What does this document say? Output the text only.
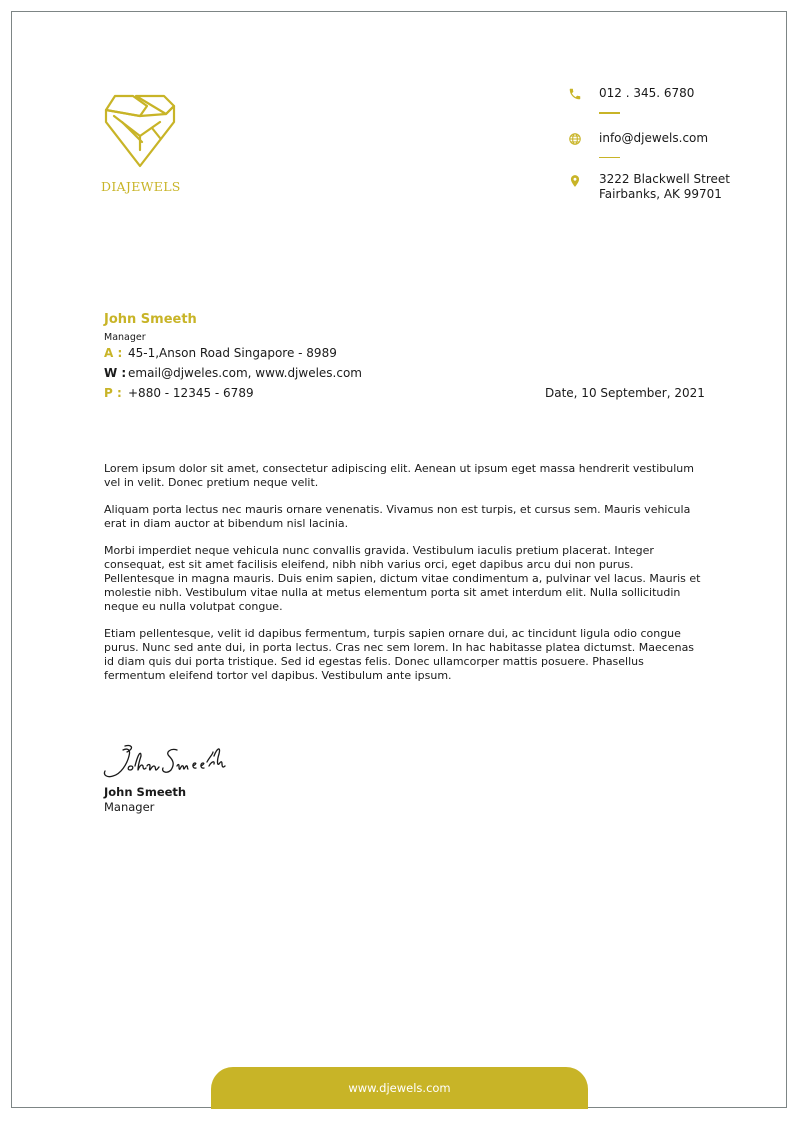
DIAJEWELS
012 . 345. 6780
info@djewels.com
3222 Blackwell Street
Fairbanks, AK 99701
John Smeeth
Manager
A : 45-1,Anson Road Singapore - 8989
W : email@djweles.com, www.djweles.com
P : +880 - 12345 - 6789	Date, 10 September, 2021

Lorem ipsum dolor sit amet, consectetur adipiscing elit. Aenean ut ipsum eget massa hendrerit vestibulum vel in velit. Donec pretium neque velit.

Aliquam porta lectus nec mauris ornare venenatis. Vivamus non est turpis, et cursus sem. Mauris vehicula erat in diam auctor at bibendum nisl lacinia.

Morbi imperdiet neque vehicula nunc convallis gravida. Vestibulum iaculis pretium placerat. Integer consequat, est sit amet facilisis eleifend, nibh nibh varius orci, eget dapibus arcu dui non purus. Pellentesque in magna mauris. Duis enim sapien, dictum vitae condimentum a, pulvinar vel lacus. Mauris et molestie nibh. Vestibulum vitae nulla at metus elementum porta sit amet interdum elit. Nulla sollicitudin neque eu nulla volutpat congue.

Etiam pellentesque, velit id dapibus fermentum, turpis sapien ornare dui, ac tincidunt ligula odio congue purus. Nunc sed ante dui, in porta lectus. Cras nec sem lorem. In hac habitasse platea dictumst. Maecenas id diam quis dui porta tristique. Sed id egestas felis. Donec ullamcorper mattis posuere. Phasellus fermentum eleifend tortor vel dapibus. Vestibulum ante ipsum.

John Smeeth
Manager
www.djewels.com
